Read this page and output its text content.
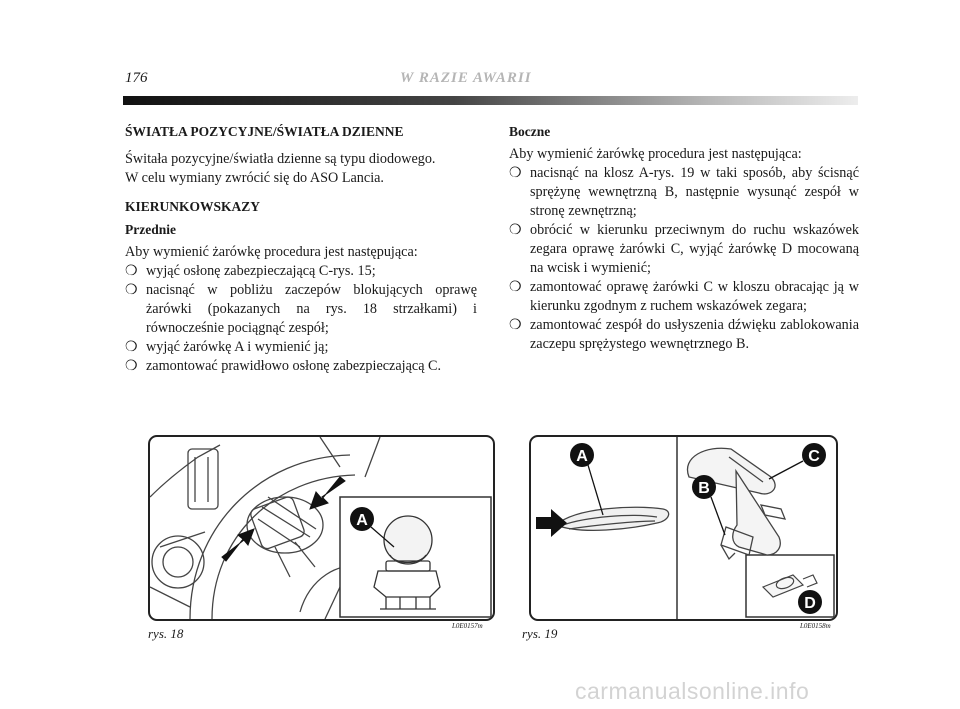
176	W RAZIE AWARII

ŚWIATŁA POZYCYJNE/ŚWIATŁA DZIENNE

Świtała pozycyjne/światła dzienne są typu diodowego.

W celu wymiany zwrócić się do ASO Lancia.

KIERUNKOWSKAZY

Przednie

Aby wymienić żarówkę procedura jest następująca:

❍ wyjąć osłonę zabezpieczającą C-rys. 15;

❍ nacisnąć w pobliżu zaczepów blokujących oprawę żarówki (pokazanych na rys. 18 strzałkami) i równocześnie pociągnąć zespół;

❍ wyjąć żarówkę A i wymienić ją;

❍ zamontować prawidłowo osłonę zabezpieczającą C.

Boczne

Aby wymienić żarówkę procedura jest następująca:

❍ nacisnąć na klosz A-rys. 19 w taki sposób, aby ścisnąć sprężynę wewnętrzną B, następnie wysunąć zespół w stronę zewnętrzną;

❍ obrócić w kierunku przeciwnym do ruchu wskazówek zegara oprawę żarówki C, wyjąć żarówkę D mocowaną na wcisk i wymienić;

❍ zamontować oprawę żarówki C w kloszu obracając ją w kierunku zgodnym z ruchem wskazówek zegara;

❍ zamontować zespół do usłyszenia dźwięku zablokowania zaczepu sprężystego wewnętrznego B.

A
rys. 18	L0E0157m
A	C
B
D
rys. 19	L0E0158m
carmanualsonline.info
